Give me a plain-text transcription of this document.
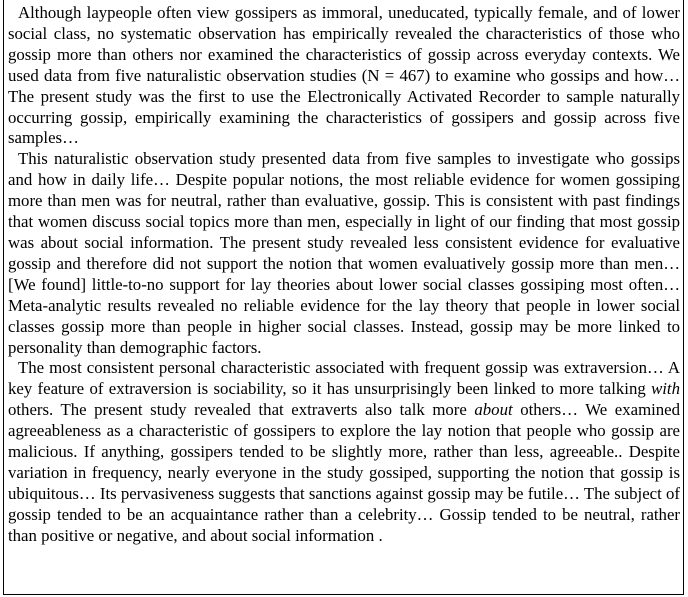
Although laypeople often view gossipers as immoral, uneducated, typically female, and of lower social class, no systematic observation has empirically revealed the characteristics of those who gossip more than others nor examined the characteristics of gossip across everyday contexts. We used data from five naturalistic observation studies (N = 467) to examine who gossips and how… The present study was the first to use the Electronically Activated Recorder to sample naturally occurring gossip, empirically examining the characteristics of gossipers and gossip across five samples…

This naturalistic observation study presented data from five samples to investigate who gossips and how in daily life… Despite popular notions, the most reliable evidence for women gossiping more than men was for neutral, rather than evaluative, gossip. This is consistent with past findings that women discuss social topics more than men, especially in light of our finding that most gossip was about social information. The present study revealed less consistent evidence for evaluative gossip and therefore did not support the notion that women evaluatively gossip more than men… [We found] little-to-no support for lay theories about lower social classes gossiping most often… Meta-analytic results revealed no reliable evidence for the lay theory that people in lower social classes gossip more than people in higher social classes. Instead, gossip may be more linked to personality than demographic factors.

The most consistent personal characteristic associated with frequent gossip was extraversion… A key feature of extraversion is sociability, so it has unsurprisingly been linked to more talking with others. The present study revealed that extraverts also talk more about others… We examined agreeableness as a characteristic of gossipers to explore the lay notion that people who gossip are malicious. If anything, gossipers tended to be slightly more, rather than less, agreeable.. Despite variation in frequency, nearly everyone in the study gossiped, supporting the notion that gossip is ubiquitous… Its pervasiveness suggests that sanctions against gossip may be futile… The subject of gossip tended to be an acquaintance rather than a celebrity… Gossip tended to be neutral, rather than positive or negative, and about social information .
